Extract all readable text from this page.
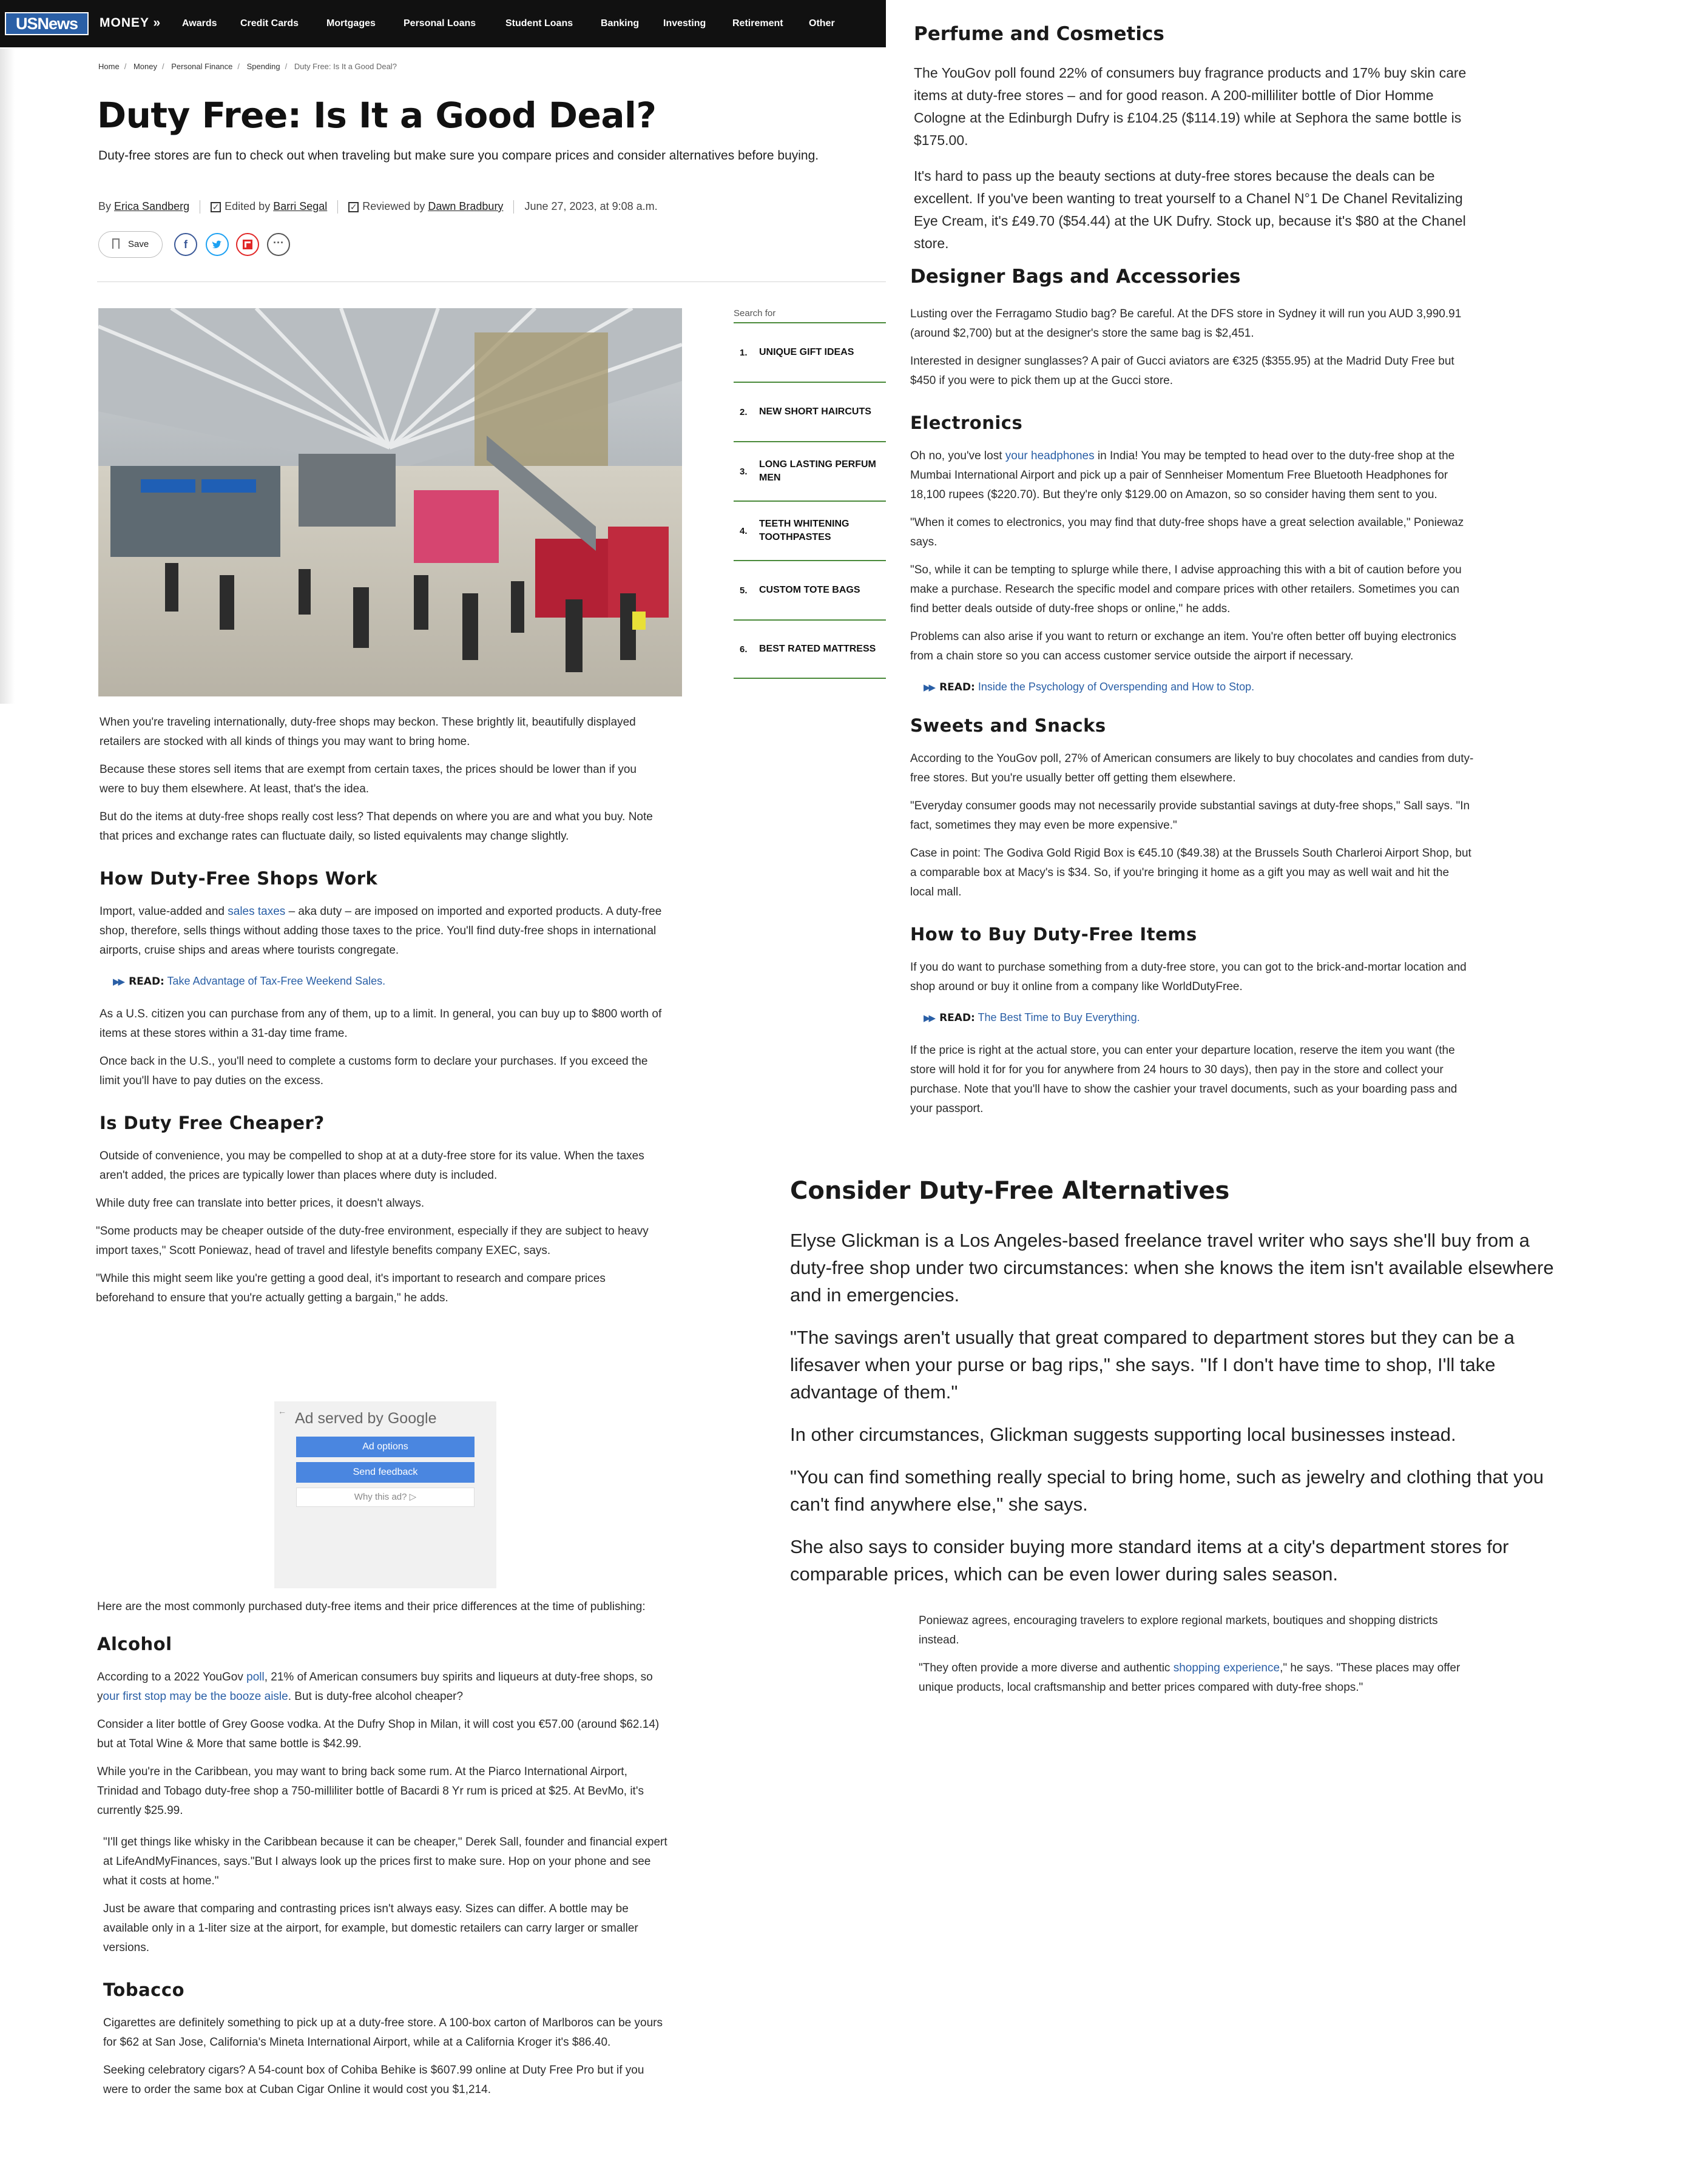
USNews	MONEY » Awards Credit Cards	Mortgages	Personal Loans	Student Loans	Banking Investing	Retirement	Other
Home / Money / Personal Finance / Spending / Duty Free: Is It a Good Deal?
Duty Free: Is It a Good Deal?
Duty-free stores are fun to check out when traveling but make sure you compare prices and consider alternatives before buying.
By Erica Sandberg	✓ Edited by Barri Segal	✓ Reviewed by Dawn Bradbury June 27, 2023, at 9:08 a.m.
Save	f	···
Search for
1.	UNIQUE GIFT IDEAS
2.	NEW SHORT HAIRCUTS
3.
LONG LASTING PERFUM MEN
4.
TEETH WHITENING TOOTHPASTES
5.	CUSTOM TOTE BAGS
6.	BEST RATED MATTRESS

When you're traveling internationally, duty-free shops may beckon. These brightly lit, beautifully displayed retailers are stocked with all kinds of things you may want to bring home.

Because these stores sell items that are exempt from certain taxes, the prices should be lower than if you were to buy them elsewhere. At least, that's the idea.

But do the items at duty-free shops really cost less? That depends on where you are and what you buy. Note that prices and exchange rates can fluctuate daily, so listed equivalents may change slightly.

How Duty-Free Shops Work

Import, value-added and sales taxes – aka duty – are imposed on imported and exported products. A duty-free shop, therefore, sells things without adding those taxes to the price. You'll find duty-free shops in international airports, cruise ships and areas where tourists congregate.

▶▶ READ: Take Advantage of Tax-Free Weekend Sales.

As a U.S. citizen you can purchase from any of them, up to a limit. In general, you can buy up to $800 worth of items at these stores within a 31-day time frame.

Once back in the U.S., you'll need to complete a customs form to declare your purchases. If you exceed the limit you'll have to pay duties on the excess.

Is Duty Free Cheaper?

Outside of convenience, you may be compelled to shop at at a duty-free store for its value. When the taxes aren't added, the prices are typically lower than places where duty is included.

While duty free can translate into better prices, it doesn't always.

"Some products may be cheaper outside of the duty-free environment, especially if they are subject to heavy import taxes," Scott Poniewaz, head of travel and lifestyle benefits company EXEC, says.

"While this might seem like you're getting a good deal, it's important to research and compare prices beforehand to ensure that you're actually getting a bargain," he adds.

← Ad served by Google
Ad options
Send feedback
Why this ad? ▷

Here are the most commonly purchased duty-free items and their price differences at the time of publishing:

Alcohol

According to a 2022 YouGov poll, 21% of American consumers buy spirits and liqueurs at duty-free shops, so your first stop may be the booze aisle. But is duty-free alcohol cheaper?

Consider a liter bottle of Grey Goose vodka. At the Dufry Shop in Milan, it will cost you €57.00 (around $62.14) but at Total Wine & More that same bottle is $42.99.

While you're in the Caribbean, you may want to bring back some rum. At the Piarco International Airport, Trinidad and Tobago duty-free shop a 750-milliliter bottle of Bacardi 8 Yr rum is priced at $25. At BevMo, it's currently $25.99.

"I'll get things like whisky in the Caribbean because it can be cheaper," Derek Sall, founder and financial expert at LifeAndMyFinances, says."But I always look up the prices first to make sure. Hop on your phone and see what it costs at home."

Just be aware that comparing and contrasting prices isn't always easy. Sizes can differ. A bottle may be available only in a 1-liter size at the airport, for example, but domestic retailers can carry larger or smaller versions.

Tobacco

Cigarettes are definitely something to pick up at a duty-free store. A 100-box carton of Marlboros can be yours for $62 at San Jose, California's Mineta International Airport, while at a California Kroger it's $86.40.

Seeking celebratory cigars? A 54-count box of Cohiba Behike is $607.99 online at Duty Free Pro but if you were to order the same box at Cuban Cigar Online it would cost you $1,214.

Perfume and Cosmetics

The YouGov poll found 22% of consumers buy fragrance products and 17% buy skin care items at duty-free stores – and for good reason. A 200-milliliter bottle of Dior Homme Cologne at the Edinburgh Dufry is £104.25 ($114.19) while at Sephora the same bottle is $175.00.

It's hard to pass up the beauty sections at duty-free stores because the deals can be excellent. If you've been wanting to treat yourself to a Chanel N°1 De Chanel Revitalizing Eye Cream, it's £49.70 ($54.44) at the UK Dufry. Stock up, because it's $80 at the Chanel store.

Designer Bags and Accessories

Lusting over the Ferragamo Studio bag? Be careful. At the DFS store in Sydney it will run you AUD 3,990.91 (around $2,700) but at the designer's store the same bag is $2,451.

Interested in designer sunglasses? A pair of Gucci aviators are €325 ($355.95) at the Madrid Duty Free but $450 if you were to pick them up at the Gucci store.

Electronics

Oh no, you've lost your headphones in India! You may be tempted to head over to the duty-free shop at the Mumbai International Airport and pick up a pair of Sennheiser Momentum Free Bluetooth Headphones for 18,100 rupees ($220.70). But they're only $129.00 on Amazon, so so consider having them sent to you.

"When it comes to electronics, you may find that duty-free shops have a great selection available," Poniewaz says.

"So, while it can be tempting to splurge while there, I advise approaching this with a bit of caution before you make a purchase. Research the specific model and compare prices with other retailers. Sometimes you can find better deals outside of duty-free shops or online," he adds.

Problems can also arise if you want to return or exchange an item. You're often better off buying electronics from a chain store so you can access customer service outside the airport if necessary.

▶▶ READ: Inside the Psychology of Overspending and How to Stop.
Sweets and Snacks

According to the YouGov poll, 27% of American consumers are likely to buy chocolates and candies from duty-free stores. But you're usually better off getting them elsewhere.

"Everyday consumer goods may not necessarily provide substantial savings at duty-free shops," Sall says. "In fact, sometimes they may even be more expensive."

Case in point: The Godiva Gold Rigid Box is €45.10 ($49.38) at the Brussels South Charleroi Airport Shop, but a comparable box at Macy's is $34. So, if you're bringing it home as a gift you may as well wait and hit the local mall.

How to Buy Duty-Free Items

If you do want to purchase something from a duty-free store, you can got to the brick-and-mortar location and shop around or buy it online from a company like WorldDutyFree.

▶▶ READ: The Best Time to Buy Everything.

If the price is right at the actual store, you can enter your departure location, reserve the item you want (the store will hold it for for you for anywhere from 24 hours to 30 days), then pay in the store and collect your purchase. Note that you'll have to show the cashier your travel documents, such as your boarding pass and your passport.

Consider Duty-Free Alternatives

Elyse Glickman is a Los Angeles-based freelance travel writer who says she'll buy from a duty-free shop under two circumstances: when she knows the item isn't available elsewhere and in emergencies.

"The savings aren't usually that great compared to department stores but they can be a lifesaver when your purse or bag rips," she says. "If I don't have time to shop, I'll take advantage of them."

In other circumstances, Glickman suggests supporting local businesses instead.

"You can find something really special to bring home, such as jewelry and clothing that you can't find anywhere else," she says.

She also says to consider buying more standard items at a city's department stores for comparable prices, which can be even lower during sales season.

Poniewaz agrees, encouraging travelers to explore regional markets, boutiques and shopping districts instead.

"They often provide a more diverse and authentic shopping experience," he says. "These places may offer unique products, local craftsmanship and better prices compared with duty-free shops."
